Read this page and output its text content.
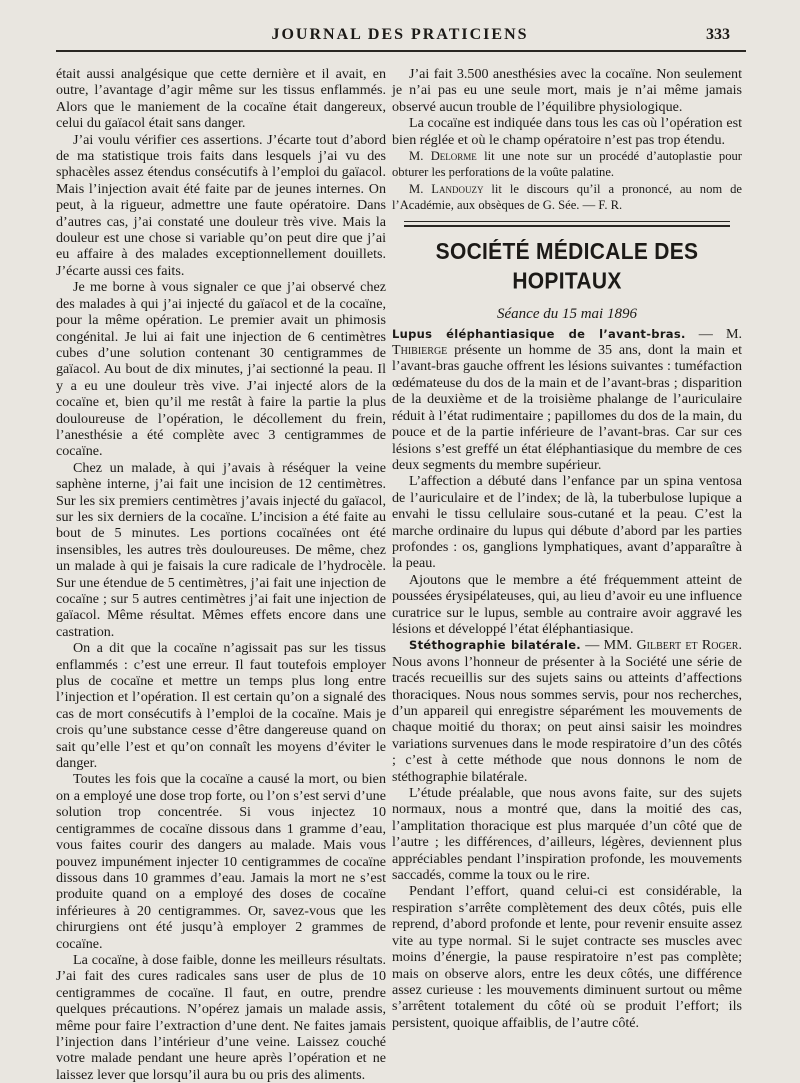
JOURNAL DES PRATICIENS	333

était aussi analgésique que cette dernière et il avait, en outre, l’avantage d’agir même sur les tissus enflammés. Alors que le maniement de la cocaïne était dangereux, celui du gaïacol était sans danger.

J’ai voulu vérifier ces assertions. J’écarte tout d’abord de ma statistique trois faits dans lesquels j’ai vu des sphacèles assez étendus consécutifs à l’emploi du gaïacol. Mais l’injection avait été faite par de jeunes internes. On peut, à la rigueur, admettre une faute opératoire. Dans d’autres cas, j’ai constaté une douleur très vive. Mais la douleur est une chose si variable qu’on peut dire que j’ai eu affaire à des malades exceptionnellement douillets. J’écarte aussi ces faits.

Je me borne à vous signaler ce que j’ai observé chez des malades à qui j’ai injecté du gaïacol et de la cocaïne, pour la même opération. Le premier avait un phimosis congénital. Je lui ai fait une injection de 6 centimètres cubes d’une solution contenant 30 centigrammes de gaïacol. Au bout de dix minutes, j’ai sectionné la peau. Il y a eu une douleur très vive. J’ai injecté alors de la cocaïne et, bien qu’il me restât à faire la partie la plus douloureuse de l’opération, le décollement du frein, l’anesthésie a été complète avec 3 centigrammes de cocaïne.

Chez un malade, à qui j’avais à réséquer la veine saphène interne, j’ai fait une incision de 12 centimètres. Sur les six premiers centimètres j’avais injecté du gaïacol, sur les six derniers de la cocaïne. L’incision a été faite au bout de 5 minutes. Les portions cocaïnées ont été insensibles, les autres très douloureuses. De même, chez un malade à qui je faisais la cure radicale de l’hydrocèle. Sur une étendue de 5 centimètres, j’ai fait une injection de cocaïne ; sur 5 autres centimètres j’ai fait une injection de gaïacol. Même résultat. Mêmes effets encore dans une castration.

On a dit que la cocaïne n’agissait pas sur les tissus enflammés : c’est une erreur. Il faut toutefois employer plus de cocaïne et mettre un temps plus long entre l’injection et l’opération. Il est certain qu’on a signalé des cas de mort consécutifs à l’emploi de la cocaïne. Mais je crois qu’une substance cesse d’être dangereuse quand on sait qu’elle l’est et qu’on connaît les moyens d’éviter le danger.

Toutes les fois que la cocaïne a causé la mort, ou bien on a employé une dose trop forte, ou l’on s’est servi d’une solution trop concentrée. Si vous injectez 10 centigrammes de cocaïne dissous dans 1 gramme d’eau, vous faites courir des dangers au malade. Mais vous pouvez impunément injecter 10 centigrammes de cocaïne dissous dans 10 grammes d’eau. Jamais la mort ne s’est produite quand on a employé des doses de cocaïne inférieures à 20 centigrammes. Or, savez-vous que les chirurgiens ont été jusqu’à employer 2 grammes de cocaïne.

La cocaïne, à dose faible, donne les meilleurs résultats. J’ai fait des cures radicales sans user de plus de 10 centigrammes de cocaïne. Il faut, en outre, prendre quelques précautions. N’opérez jamais un malade assis, même pour faire l’extraction d’une dent. Ne faites jamais l’injection dans l’intérieur d’une veine. Laissez couché votre malade pendant une heure après l’opération et ne laissez lever que lorsqu’il aura bu ou pris des aliments.

J’ai fait 3.500 anesthésies avec la cocaïne. Non seulement je n’ai pas eu une seule mort, mais je n’ai même jamais observé aucun trouble de l’équilibre physiologique.

La cocaïne est indiquée dans tous les cas où l’opération est bien réglée et où le champ opératoire n’est pas trop étendu.

M. Delorme lit une note sur un procédé d’autoplastie pour obturer les perforations de la voûte palatine.

M. Landouzy lit le discours qu’il a prononcé, au nom de l’Académie, aux obsèques de G. Sée. — F. R.

SOCIÉTÉ MÉDICALE DES HOPITAUX
Séance du 15 mai 1896

Lupus éléphantiasique de l’avant-bras. — M. Thibierge présente un homme de 35 ans, dont la main et l’avant-bras gauche offrent les lésions suivantes : tuméfaction œdémateuse du dos de la main et de l’avant-bras ; disparition de la deuxième et de la troisième phalange de l’auriculaire réduit à l’état rudimentaire ; papillomes du dos de la main, du pouce et de la partie inférieure de l’avant-bras. Car sur ces lésions s’est greffé un état éléphantiasique du membre de ces deux segments du membre supérieur.

L’affection a débuté dans l’enfance par un spina ventosa de l’auriculaire et de l’index; de là, la tuberbulose lupique a envahi le tissu cellulaire sous-cutané et la peau. C’est la marche ordinaire du lupus qui débute d’abord par les parties profondes : os, ganglions lymphatiques, avant d’apparaître à la peau.

Ajoutons que le membre a été fréquemment atteint de poussées érysipélateuses, qui, au lieu d’avoir eu une influence curatrice sur le lupus, semble au contraire avoir aggravé les lésions et développé l’état éléphantiasique.

Stéthographie bilatérale. — MM. Gilbert et Roger. Nous avons l’honneur de présenter à la Société une série de tracés recueillis sur des sujets sains ou atteints d’affections thoraciques. Nous nous sommes servis, pour nos recherches, d’un appareil qui enregistre séparément les mouvements de chaque moitié du thorax; on peut ainsi saisir les moindres variations survenues dans le mode respiratoire d’un des côtés ; c’est à cette méthode que nous donnons le nom de stéthographie bilatérale.

L’étude préalable, que nous avons faite, sur des sujets normaux, nous a montré que, dans la moitié des cas, l’amplitation thoracique est plus marquée d’un côté que de l’autre ; les différences, d’ailleurs, légères, deviennent plus appréciables pendant l’inspiration profonde, les mouvements saccadés, comme la toux ou le rire.

Pendant l’effort, quand celui-ci est considérable, la respiration s’arrête complètement des deux côtés, puis elle reprend, d’abord profonde et lente, pour revenir ensuite assez vite au type normal. Si le sujet contracte ses muscles avec moins d’énergie, la pause respiratoire n’est pas complète; mais on observe alors, entre les deux côtés, une différence assez curieuse : les mouvements diminuent surtout ou même s’arrêtent totalement du côté où se produit l’effort; ils persistent, quoique affaiblis, de l’autre côté.
